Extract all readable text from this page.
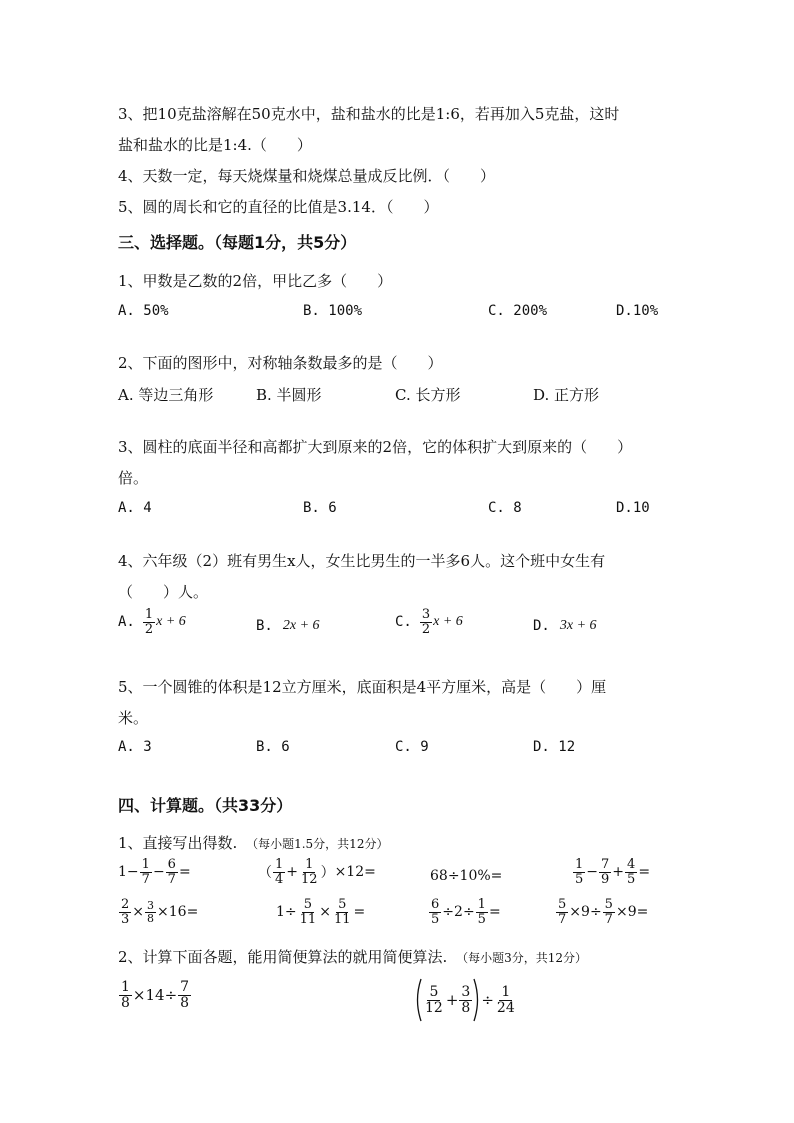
3、把10克盐溶解在50克水中，盐和盐水的比是1:6，若再加入5克盐，这时
盐和盐水的比是1:4.（　　）
4、天数一定，每天烧煤量和烧煤总量成反比例．（　　）
5、圆的周长和它的直径的比值是3.14．（　　）
三、选择题。（每题1分，共5分）
1、甲数是乙数的2倍，甲比乙多（　　）
A. 50%	B. 100%	C. 200%	D.10%
2、下面的图形中，对称轴条数最多的是（　　）
A. 等边三角形	B. 半圆形	C. 长方形	D. 正方形
3、圆柱的底面半径和高都扩大到原来的2倍，它的体积扩大到原来的（　　）
倍。
A. 4	B. 6	C. 8	D.10
4、六年级（2）班有男生x人，女生比男生的一半多6人。这个班中女生有
（　　）人。
A. $\frac{1}{2}$ x + 6	B. 2x + 6	C. $\frac{3}{2}$ x + 6	D. 3x + 6
5、一个圆锥的体积是12立方厘米，底面积是4平方厘米，高是（　　）厘
米。
A. 3	B. 6	C. 9	D. 12
四、计算题。（共33分）
1、直接写出得数. （每小题1.5分，共12分）
$1 - \frac{1}{7} - \frac{6}{7}$ =	（ $\frac{1}{4} + \frac{1}{12}$ ） × 12 =	68÷10%=	$\frac{1}{5} - \frac{7}{9} + \frac{4}{5}$ =
$\frac{2}{3} \times \frac{3}{8} \times 16$ =	$1 \div \frac{5}{11} \times \frac{5}{11}$ =	$\frac{6}{5} \div 2 \div \frac{1}{5}$ =	$\frac{5}{7} \times 9 \div \frac{5}{7} \times 9$ =
2、计算下面各题，能用简便算法的就用简便算法. （每小题3分，共12分）
$\frac{1}{8} \times 14 \div \frac{7}{8}$	$\frac{5}{12} + \frac{3}{8} \div \frac{1}{24}$
